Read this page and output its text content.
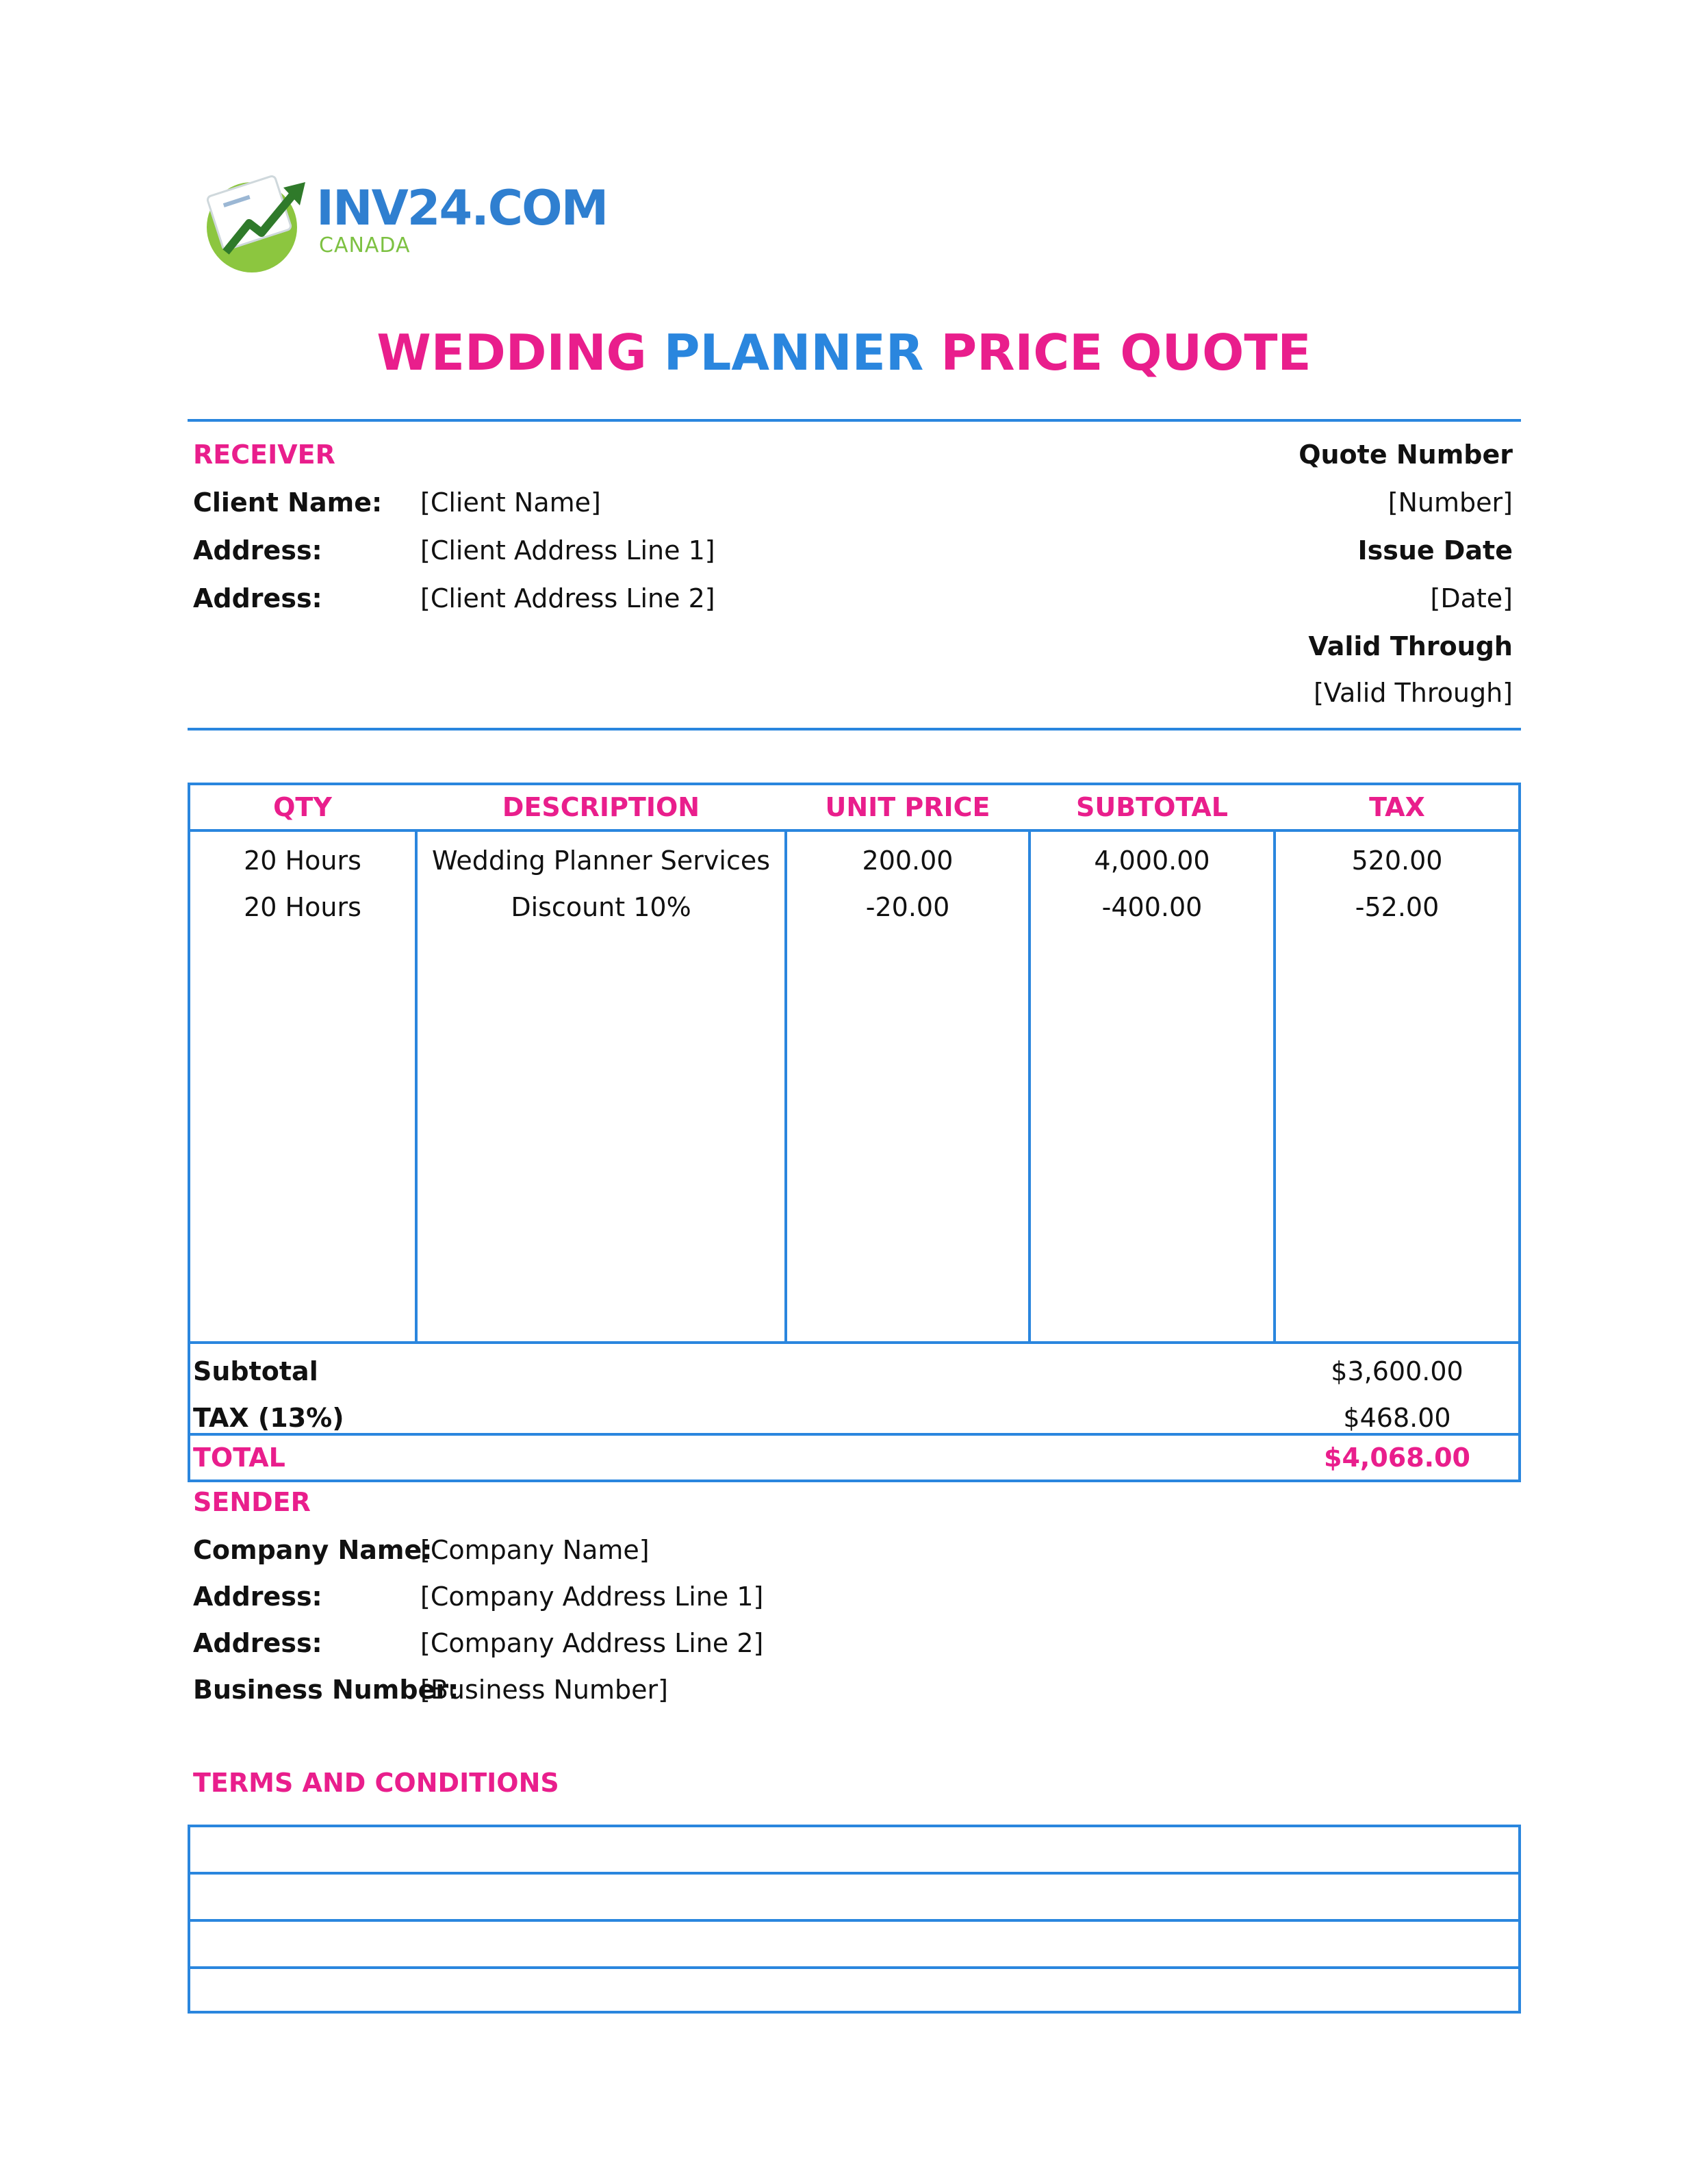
INV24.COM
CANADA
WEDDING PLANNER PRICE QUOTE
RECEIVER
Client Name: [Client Name]
Address:	[Client Address Line 1]
Address:	[Client Address Line 2]
Quote Number
[Number]
Issue Date
[Date]
Valid Through
[Valid Through]
QTY	DESCRIPTION	UNIT PRICE	SUBTOTAL	TAX
20 Hours	Wedding Planner Services	200.00	4,000.00	520.00
20 Hours	Discount 10%	-20.00	-400.00	-52.00
Subtotal	$3,600.00
TAX (13%)	$468.00
TOTAL	$4,068.00
SENDER
Company Name:
[Company Name]
Address:	[Company Address Line 1]
Address:	[Company Address Line 2]
Business Number:
[Business Number]
TERMS AND CONDITIONS
